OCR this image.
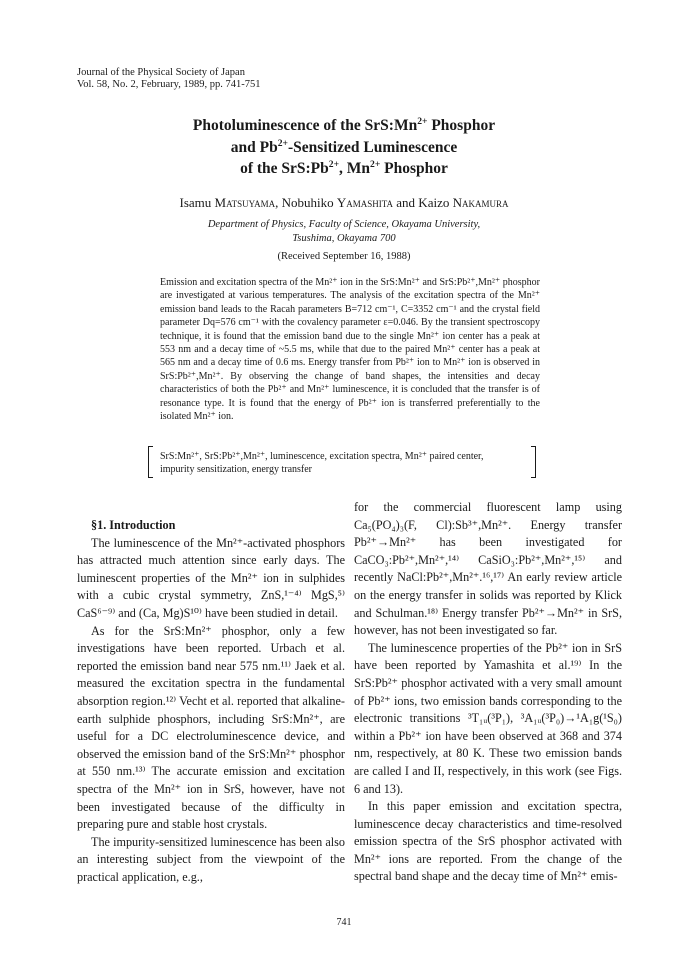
Journal of the Physical Society of Japan
Vol. 58, No. 2, February, 1989, pp. 741-751
Photoluminescence of the $SrS:Mn^{2+}$ Phosphor
and $Pb^{2+}$-Sensitized Luminescence
of the $SrS:Pb^{2+}$, $Mn^{2+}$ Phosphor
Isamu Matsuyama, Nobuhiko Yamashita and Kaizo Nakamura
Department of Physics, Faculty of Science, Okayama University,
Tsushima, Okayama 700
(Received September 16, 1988)
Emission and excitation spectra of the Mn²⁺ ion in the SrS:Mn²⁺ and SrS:Pb²⁺,Mn²⁺ phosphor are investigated at various temperatures. The analysis of the excitation spectra of the Mn²⁺ emission band leads to the Racah parameters B=712 cm⁻¹, C=3352 cm⁻¹ and the crystal field parameter Dq=576 cm⁻¹ with the covalency parameter ε=0.046. By the transient spectroscopy technique, it is found that the emission band due to the single Mn²⁺ ion center has a peak at 553 nm and a decay time of ~5.5 ms, while that due to the paired Mn²⁺ center has a peak at 565 nm and a decay time of 0.6 ms. Energy transfer from Pb²⁺ ion to Mn²⁺ ion is observed in SrS:Pb²⁺,Mn²⁺. By observing the change of band shapes, the intensities and decay characteristics of both the Pb²⁺ and Mn²⁺ luminescence, it is concluded that the transfer is of resonance type. It is found that the energy of Pb²⁺ ion is transferred preferentially to the isolated Mn²⁺ ion.
SrS:Mn²⁺, SrS:Pb²⁺,Mn²⁺, luminescence, excitation spectra, Mn²⁺ paired center, impurity sensitization, energy transfer

§1. Introduction

The luminescence of the Mn²⁺-activated phosphors has attracted much attention since early days. The luminescent properties of the Mn²⁺ ion in sulphides with a cubic crystal symmetry, ZnS,¹⁻⁴⁾ MgS,⁵⁾ CaS⁶⁻⁹⁾ and (Ca, Mg)S¹⁰⁾ have been studied in detail.

As for the SrS:Mn²⁺ phosphor, only a few investigations have been reported. Urbach et al. reported the emission band near 575 nm.¹¹⁾ Jaek et al. measured the excitation spectra in the fundamental absorption region.¹²⁾ Vecht et al. reported that alkaline-earth sulphide phosphors, including SrS:Mn²⁺, are useful for a DC electroluminescence device, and observed the emission band of the SrS:Mn²⁺ phosphor at 550 nm.¹³⁾ The accurate emission and excitation spectra of the Mn²⁺ ion in SrS, however, have not been investigated because of the difficulty in preparing pure and stable host crystals.

The impurity-sensitized luminescence has been also an interesting subject from the viewpoint of the practical application, e.g.,

for the commercial fluorescent lamp using Ca₅(PO₄)₃(F, Cl):Sb³⁺,Mn²⁺. Energy transfer Pb²⁺→Mn²⁺ has been investigated for CaCO₃:Pb²⁺,Mn²⁺,¹⁴⁾ CaSiO₃:Pb²⁺,Mn²⁺,¹⁵⁾ and recently NaCl:Pb²⁺,Mn²⁺.¹⁶,¹⁷⁾ An early review article on the energy transfer in solids was reported by Klick and Schulman.¹⁸⁾ Energy transfer Pb²⁺→Mn²⁺ in SrS, however, has not been investigated so far.

The luminescence properties of the Pb²⁺ ion in SrS have been reported by Yamashita et al.¹⁹⁾ In the SrS:Pb²⁺ phosphor activated with a very small amount of Pb²⁺ ions, two emission bands corresponding to the electronic transitions ³T₁ᵤ(³P₁), ³A₁ᵤ(³P₀)→¹A₁g(¹S₀) within a Pb²⁺ ion have been observed at 368 and 374 nm, respectively, at 80 K. These two emission bands are called I and II, respectively, in this work (see Figs. 6 and 13).

In this paper emission and excitation spectra, luminescence decay characteristics and time-resolved emission spectra of the SrS phosphor activated with Mn²⁺ ions are reported. From the change of the spectral band shape and the decay time of Mn²⁺ emis-

741
